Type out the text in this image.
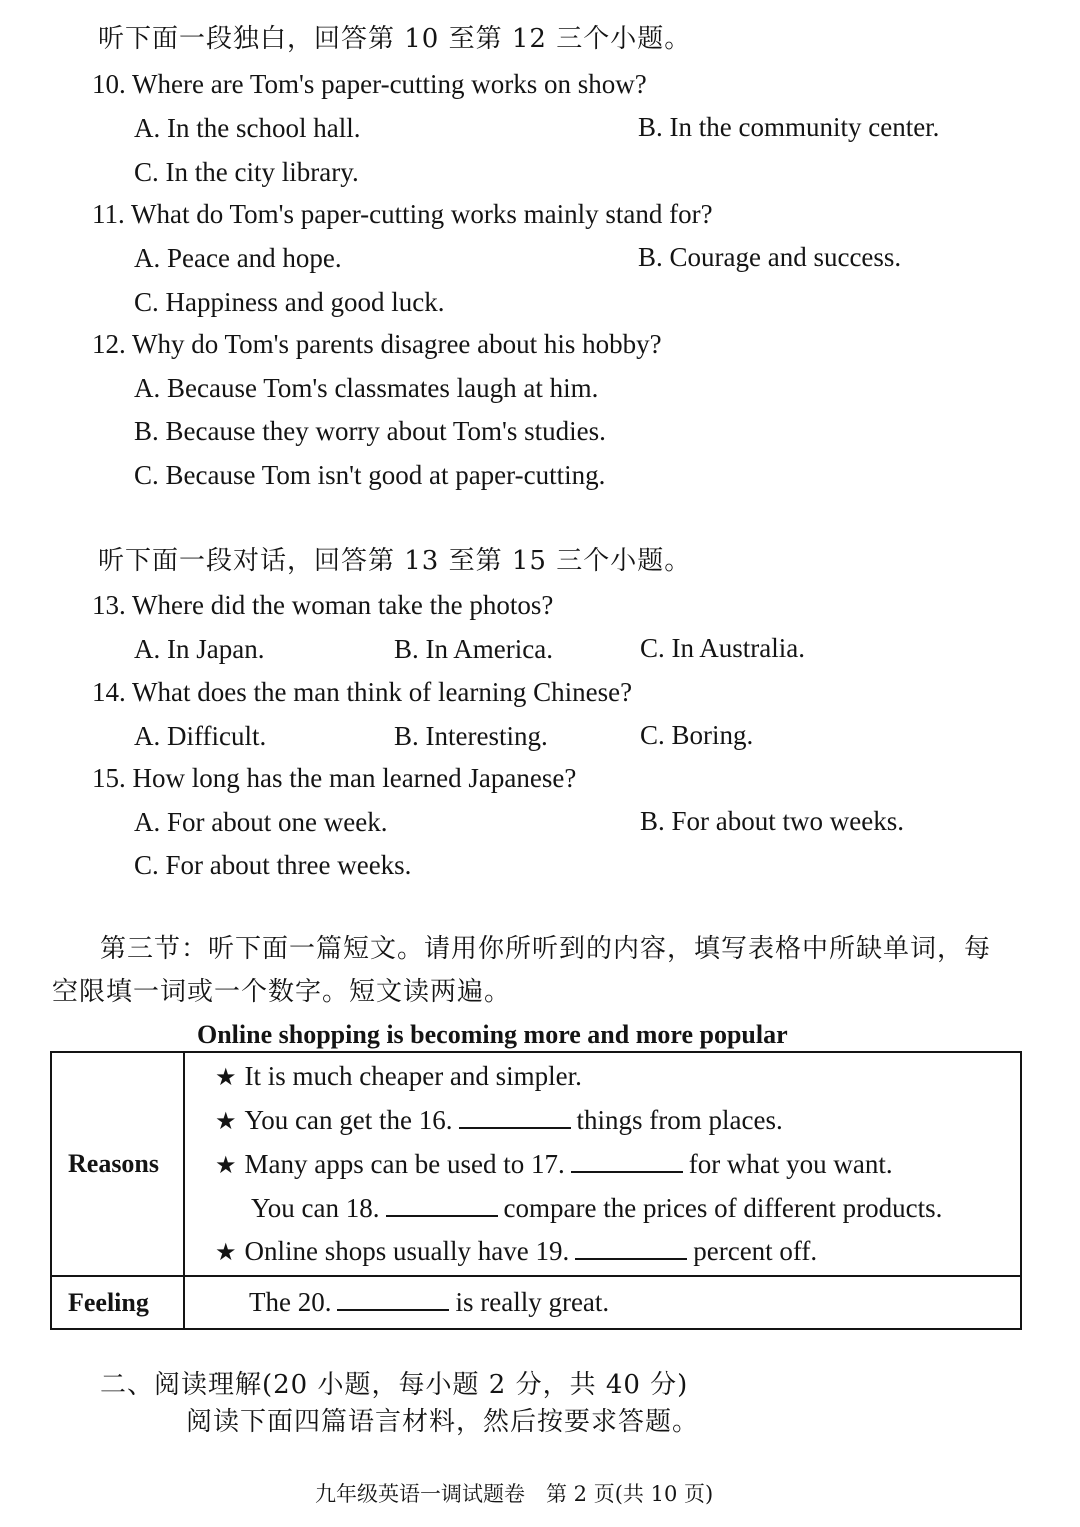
听下面一段独白，回答第 10 至第 12 三个小题。
10. Where are Tom's paper-cutting works on show?
A. In the school hall.	B. In the community center.
C. In the city library.
11. What do Tom's paper-cutting works mainly stand for?
A. Peace and hope.	B. Courage and success.
C. Happiness and good luck.
12. Why do Tom's parents disagree about his hobby?
A. Because Tom's classmates laugh at him.
B. Because they worry about Tom's studies.
C. Because Tom isn't good at paper-cutting.
听下面一段对话，回答第 13 至第 15 三个小题。
13. Where did the woman take the photos?
A. In Japan.	B. In America.	C. In Australia.
14. What does the man think of learning Chinese?
A. Difficult.	B. Interesting.	C. Boring.
15. How long has the man learned Japanese?
A. For about one week.	B. For about two weeks.
C. For about three weeks.
第三节：听下面一篇短文。请用你所听到的内容，填写表格中所缺单词，每
空限填一词或一个数字。短文读两遍。
Online shopping is becoming more and more popular
Reasons	★ It is much cheaper and simpler.
★ You can get the 16. things from places.
★ Many apps can be used to 17. for what you want.
You can 18. compare the prices of different products.
★ Online shops usually have 19. percent off.

Feeling	The 20. is really great.
二、阅读理解(20 小题，每小题 2 分，共 40 分)
阅读下面四篇语言材料，然后按要求答题。
九年级英语一调试题卷　第 2 页(共 10 页)
